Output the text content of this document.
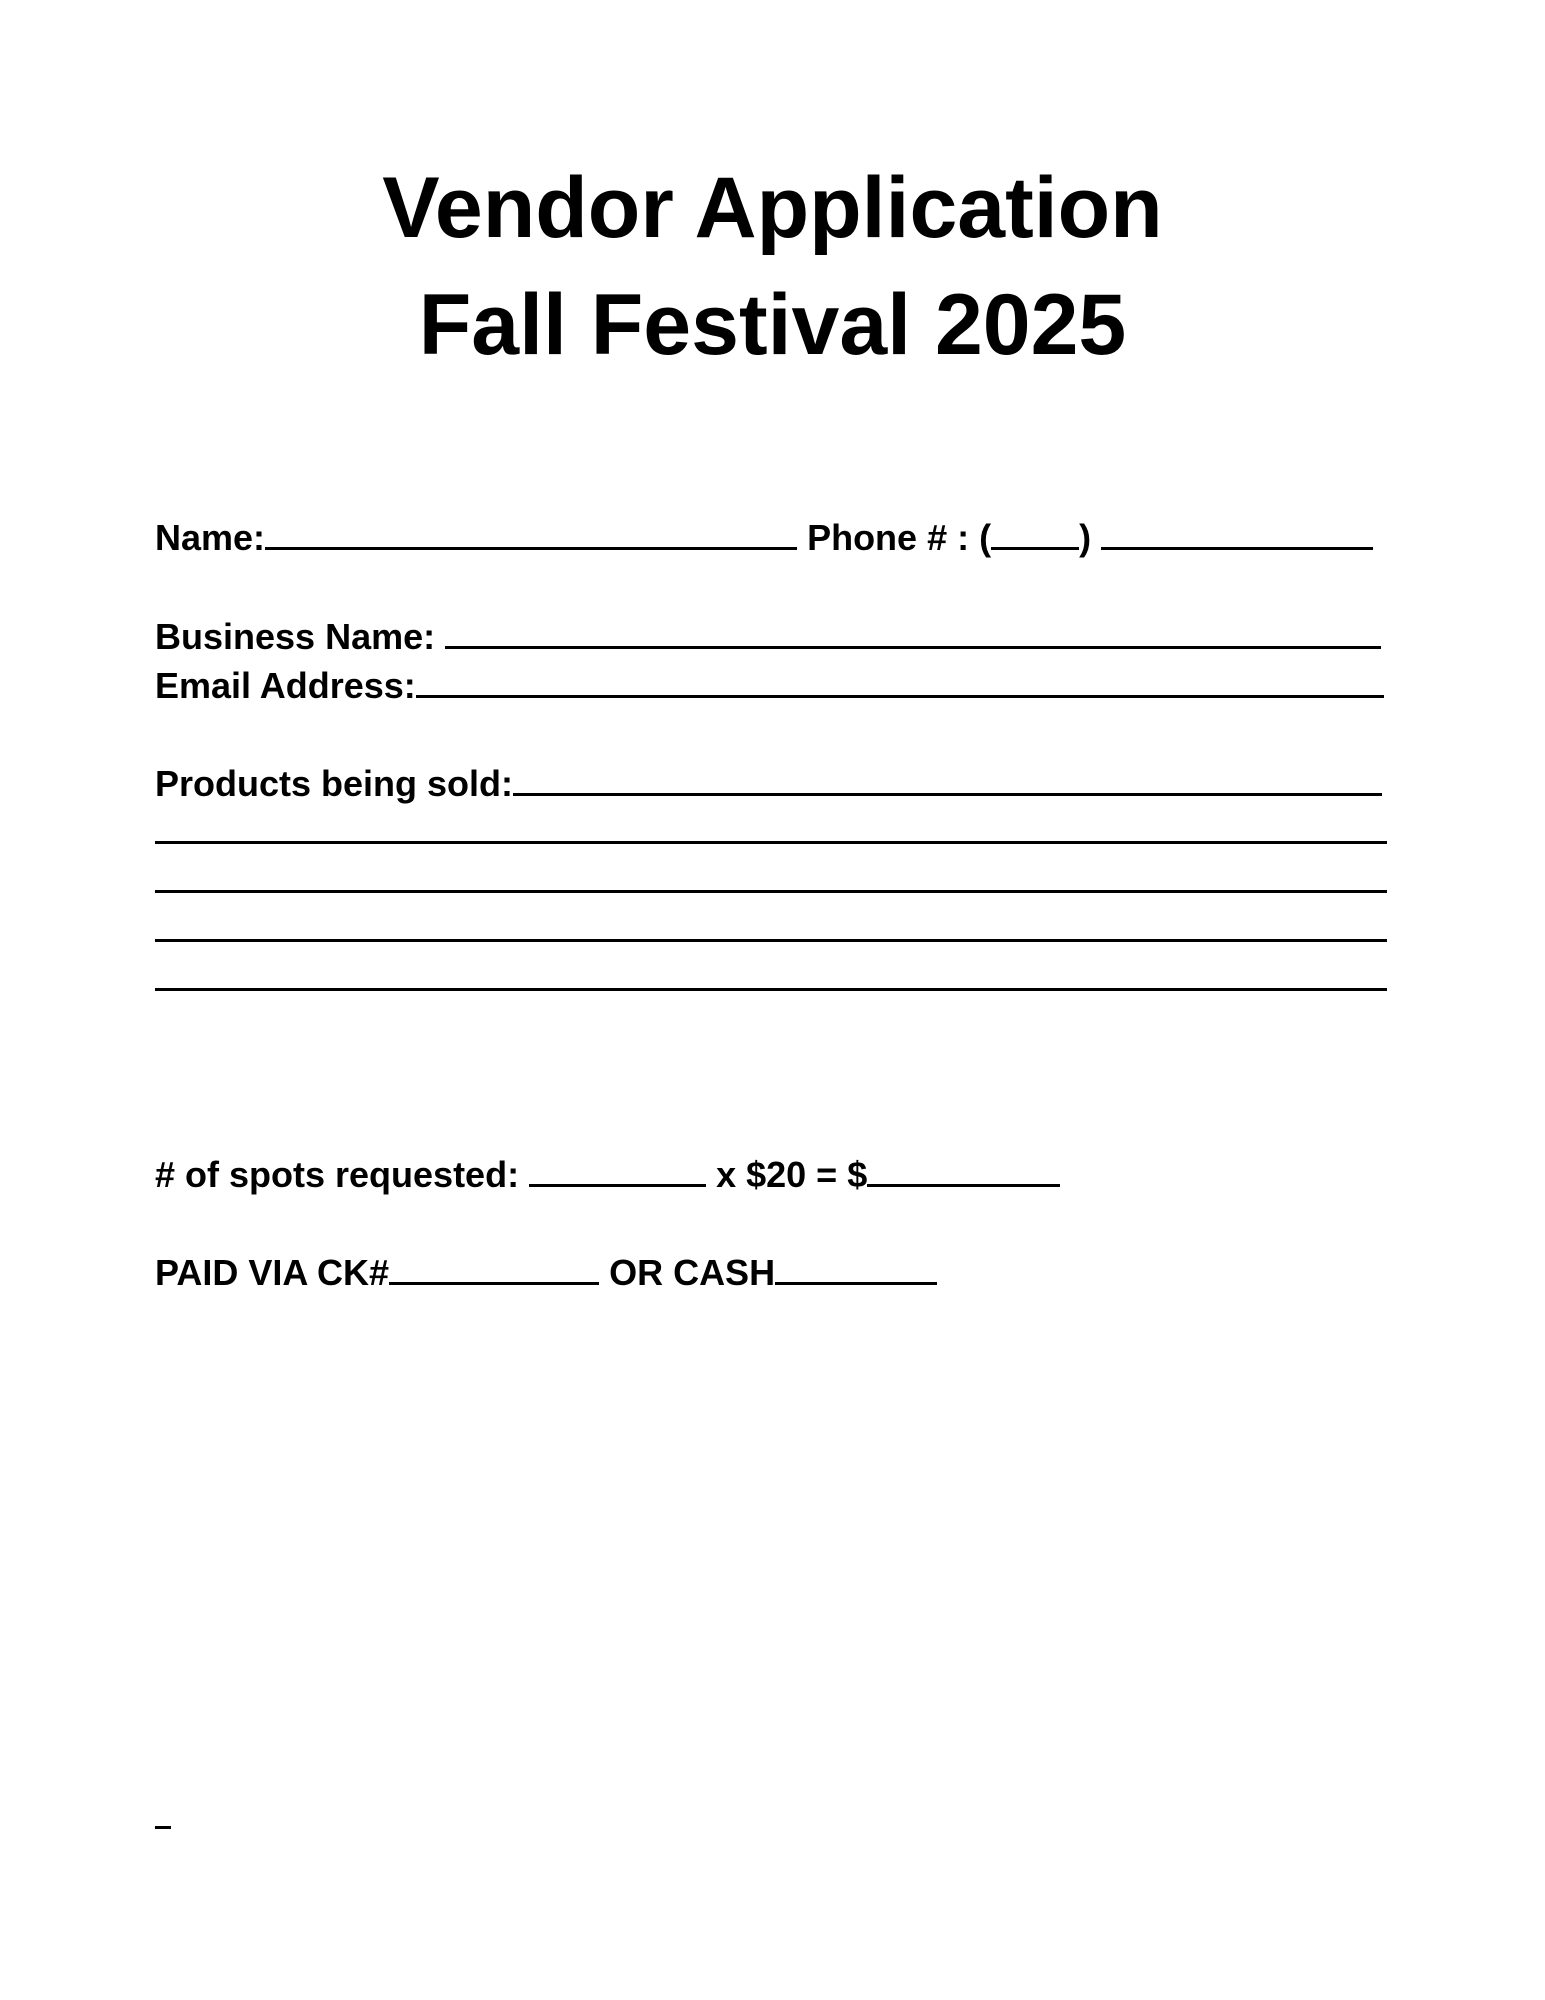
Vendor Application
Fall Festival 2025
Name:	Phone # : ( )
Business Name:
Email Address:
Products being sold:
# of spots requested:	x $20 = $
PAID VIA CK#	OR CASH
